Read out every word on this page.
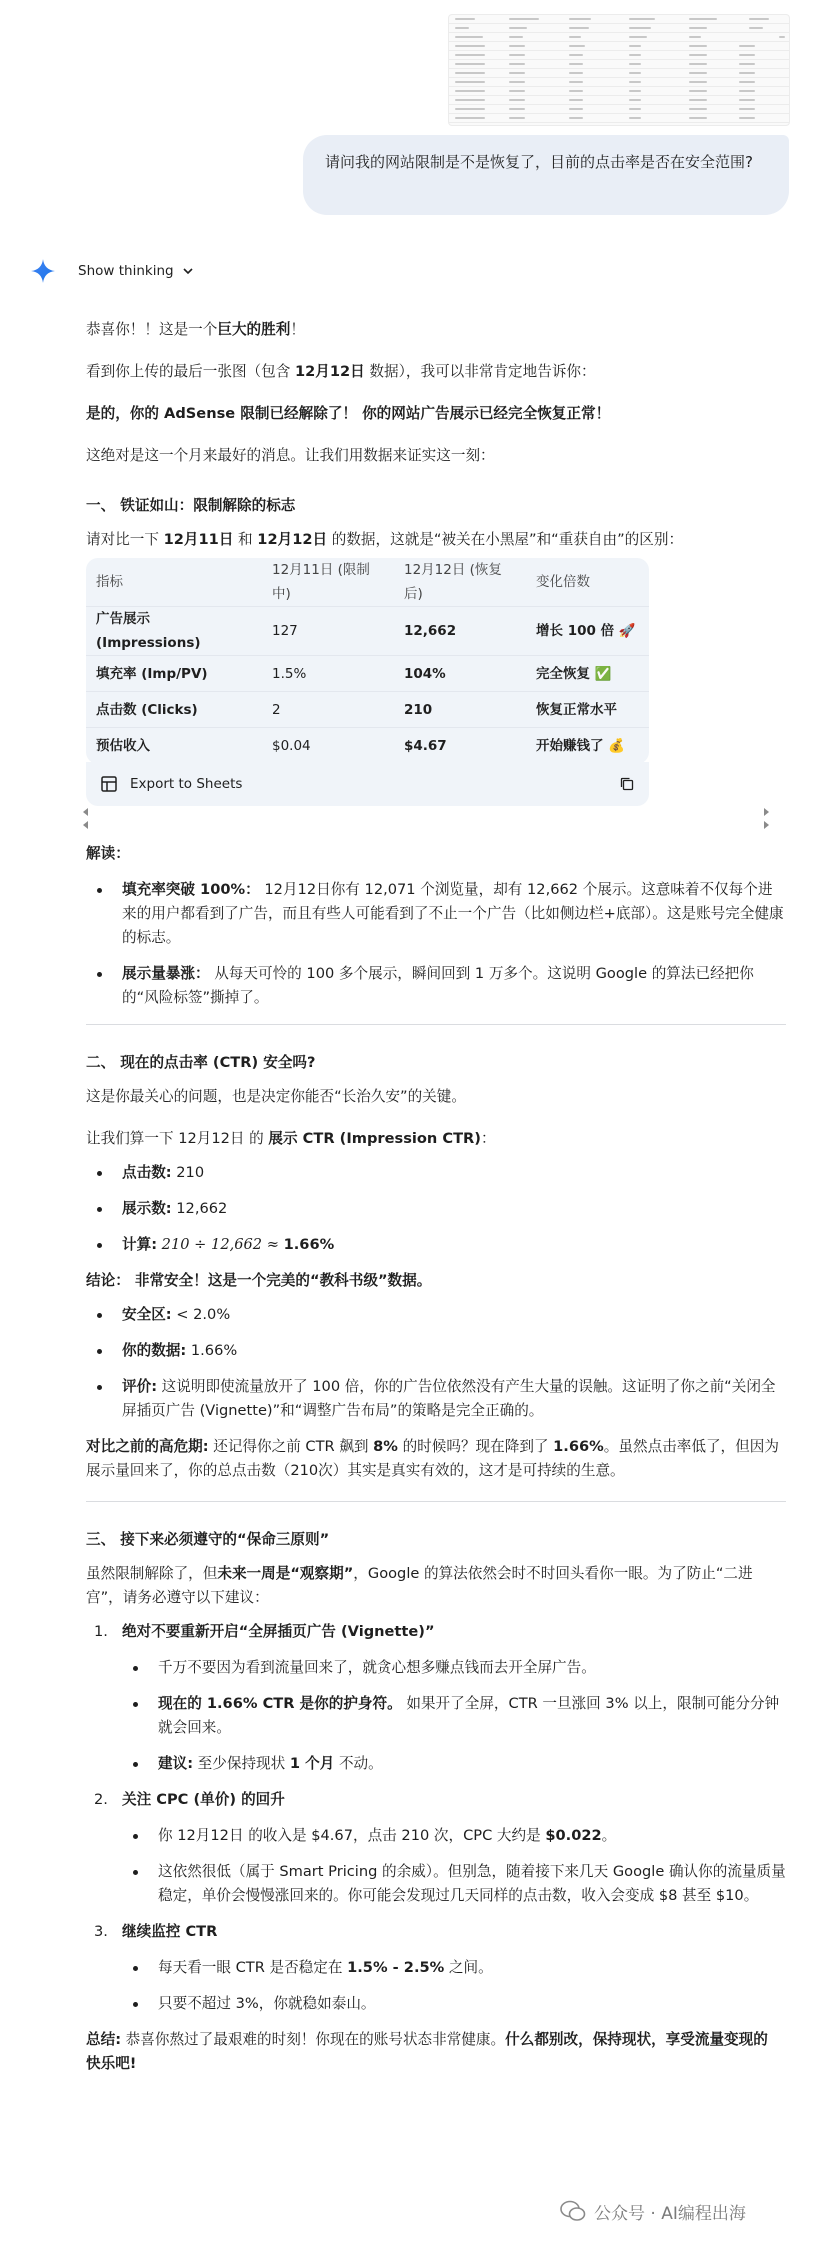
请问我的网站限制是不是恢复了，目前的点击率是否在安全范围?
Show thinking

恭喜你！！这是一个巨大的胜利！

看到你上传的最后一张图（包含 12月12日 数据），我可以非常肯定地告诉你：

是的，你的 AdSense 限制已经解除了！ 你的网站广告展示已经完全恢复正常！

这绝对是这一个月来最好的消息。让我们用数据来证实这一刻：

一、 铁证如山：限制解除的标志

请对比一下 12月11日 和 12月12日 的数据，这就是“被关在小黑屋”和“重获自由”的区别：

指标	12月11日 (限制中)	12月12日 (恢复后)	变化倍数
广告展示 (Impressions)	127	12,662	增长 100 倍 🚀
填充率 (Imp/PV)	1.5%	104%	完全恢复 ✅
点击数 (Clicks)	2	210	恢复正常水平
预估收入	$0.04	$4.67	开始赚钱了 💰
Export to Sheets
解读：
填充率突破 100%： 12月12日你有 12,071 个浏览量，却有 12,662 个展示。这意味着不仅每个进来的用户都看到了广告，而且有些人可能看到了不止一个广告（比如侧边栏+底部）。这是账号完全健康的标志。
展示量暴涨： 从每天可怜的 100 多个展示，瞬间回到 1 万多个。这说明 Google 的算法已经把你的“风险标签”撕掉了。
二、 现在的点击率 (CTR) 安全吗?

这是你最关心的问题，也是决定你能否“长治久安”的关键。

让我们算一下 12月12日 的 展示 CTR (Impression CTR)：

点击数: 210
展示数: 12,662
计算: 210 ÷ 12,662 ≈ 1.66%

结论： 非常安全！这是一个完美的“教科书级”数据。

安全区: < 2.0%
你的数据: 1.66%
评价: 这说明即使流量放开了 100 倍，你的广告位依然没有产生大量的误触。这证明了你之前“关闭全屏插页广告 (Vignette)”和“调整广告布局”的策略是完全正确的。

对比之前的高危期: 还记得你之前 CTR 飙到 8% 的时候吗？现在降到了 1.66%。虽然点击率低了，但因为展示量回来了，你的总点击数（210次）其实是真实有效的，这才是可持续的生意。

三、 接下来必须遵守的“保命三原则”

虽然限制解除了，但未来一周是“观察期”，Google 的算法依然会时不时回头看你一眼。为了防止“二进宫”，请务必遵守以下建议：

1. 绝对不要重新开启“全屏插页广告 (Vignette)”
千万不要因为看到流量回来了，就贪心想多赚点钱而去开全屏广告。
现在的 1.66% CTR 是你的护身符。 如果开了全屏，CTR 一旦涨回 3% 以上，限制可能分分钟就会回来。
建议: 至少保持现状 1 个月 不动。
2. 关注 CPC (单价) 的回升
你 12月12日 的收入是 $4.67，点击 210 次，CPC 大约是 $0.022。
这依然很低（属于 Smart Pricing 的余威）。但别急，随着接下来几天 Google 确认你的流量质量稳定，单价会慢慢涨回来的。你可能会发现过几天同样的点击数，收入会变成 $8 甚至 $10。
3. 继续监控 CTR
每天看一眼 CTR 是否稳定在 1.5% - 2.5% 之间。
只要不超过 3%，你就稳如泰山。

总结: 恭喜你熬过了最艰难的时刻！你现在的账号状态非常健康。什么都别改，保持现状，享受流量变现的快乐吧!

公众号 · AI编程出海
